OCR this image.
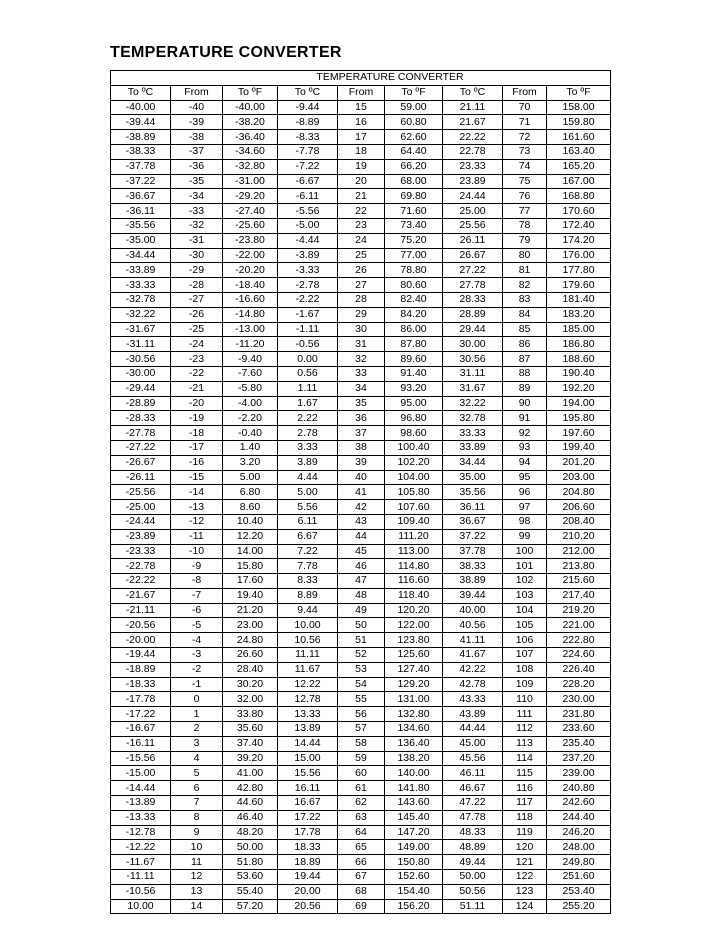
TEMPERATURE CONVERTER
			TEMPERATURE CONVERTER					
To ºC	From	To ºF	To ºC	From	To ºF	To ºC	From	To ºF
-40.00	-40	-40.00	-9.44	15	59.00	21.11	70	158.00
-39.44	-39	-38.20	-8.89	16	60.80	21.67	71	159.80
-38.89	-38	-36.40	-8.33	17	62.60	22.22	72	161.60
-38.33	-37	-34.60	-7.78	18	64.40	22.78	73	163.40
-37.78	-36	-32.80	-7.22	19	66.20	23.33	74	165.20
-37.22	-35	-31.00	-6.67	20	68.00	23.89	75	167.00
-36.67	-34	-29.20	-6.11	21	69.80	24.44	76	168.80
-36.11	-33	-27.40	-5.56	22	71.60	25.00	77	170.60
-35.56	-32	-25.60	-5.00	23	73.40	25.56	78	172.40
-35.00	-31	-23.80	-4.44	24	75.20	26.11	79	174.20
-34.44	-30	-22.00	-3.89	25	77.00	26.67	80	176.00
-33.89	-29	-20.20	-3.33	26	78.80	27.22	81	177.80
-33.33	-28	-18.40	-2.78	27	80.60	27.78	82	179.60
-32.78	-27	-16.60	-2.22	28	82.40	28.33	83	181.40
-32.22	-26	-14.80	-1.67	29	84.20	28.89	84	183.20
-31.67	-25	-13.00	-1.11	30	86.00	29.44	85	185.00
-31.11	-24	-11.20	-0.56	31	87.80	30.00	86	186.80
-30.56	-23	-9.40	0.00	32	89.60	30.56	87	188.60
-30.00	-22	-7.60	0.56	33	91.40	31.11	88	190.40
-29.44	-21	-5.80	1.11	34	93.20	31.67	89	192.20
-28.89	-20	-4.00	1.67	35	95.00	32.22	90	194.00
-28.33	-19	-2.20	2.22	36	96.80	32.78	91	195.80
-27.78	-18	-0.40	2.78	37	98.60	33.33	92	197.60
-27.22	-17	1.40	3.33	38	100.40	33.89	93	199.40
-26.67	-16	3.20	3.89	39	102.20	34.44	94	201.20
-26.11	-15	5.00	4.44	40	104.00	35.00	95	203.00
-25.56	-14	6.80	5.00	41	105.80	35.56	96	204.80
-25.00	-13	8.60	5.56	42	107.60	36.11	97	206.60
-24.44	-12	10.40	6.11	43	109.40	36.67	98	208.40
-23.89	-11	12.20	6.67	44	111.20	37.22	99	210.20
-23.33	-10	14.00	7.22	45	113.00	37.78	100	212.00
-22.78	-9	15.80	7.78	46	114.80	38.33	101	213.80
-22.22	-8	17.60	8.33	47	116.60	38.89	102	215.60
-21.67	-7	19.40	8.89	48	118.40	39.44	103	217.40
-21.11	-6	21.20	9.44	49	120.20	40.00	104	219.20
-20.56	-5	23.00	10.00	50	122.00	40.56	105	221.00
-20.00	-4	24.80	10.56	51	123.80	41.11	106	222.80
-19.44	-3	26.60	11.11	52	125.60	41.67	107	224.60
-18.89	-2	28.40	11.67	53	127.40	42.22	108	226.40
-18.33	-1	30.20	12.22	54	129.20	42.78	109	228.20
-17.78	0	32.00	12.78	55	131.00	43.33	110	230.00
-17.22	1	33.80	13.33	56	132.80	43.89	111	231.80
-16.67	2	35.60	13.89	57	134.60	44.44	112	233.60
-16.11	3	37.40	14.44	58	136.40	45.00	113	235.40
-15.56	4	39.20	15.00	59	138.20	45.56	114	237.20
-15.00	5	41.00	15.56	60	140.00	46.11	115	239.00
-14.44	6	42.80	16.11	61	141.80	46.67	116	240.80
-13.89	7	44.60	16.67	62	143.60	47.22	117	242.60
-13.33	8	46.40	17.22	63	145.40	47.78	118	244.40
-12.78	9	48.20	17.78	64	147.20	48.33	119	246.20
-12.22	10	50.00	18.33	65	149.00	48.89	120	248.00
-11.67	11	51.80	18.89	66	150.80	49.44	121	249.80
-11.11	12	53.60	19.44	67	152.60	50.00	122	251.60
-10.56	13	55.40	20.00	68	154.40	50.56	123	253.40
10.00	14	57.20	20.56	69	156.20	51.11	124	255.20
